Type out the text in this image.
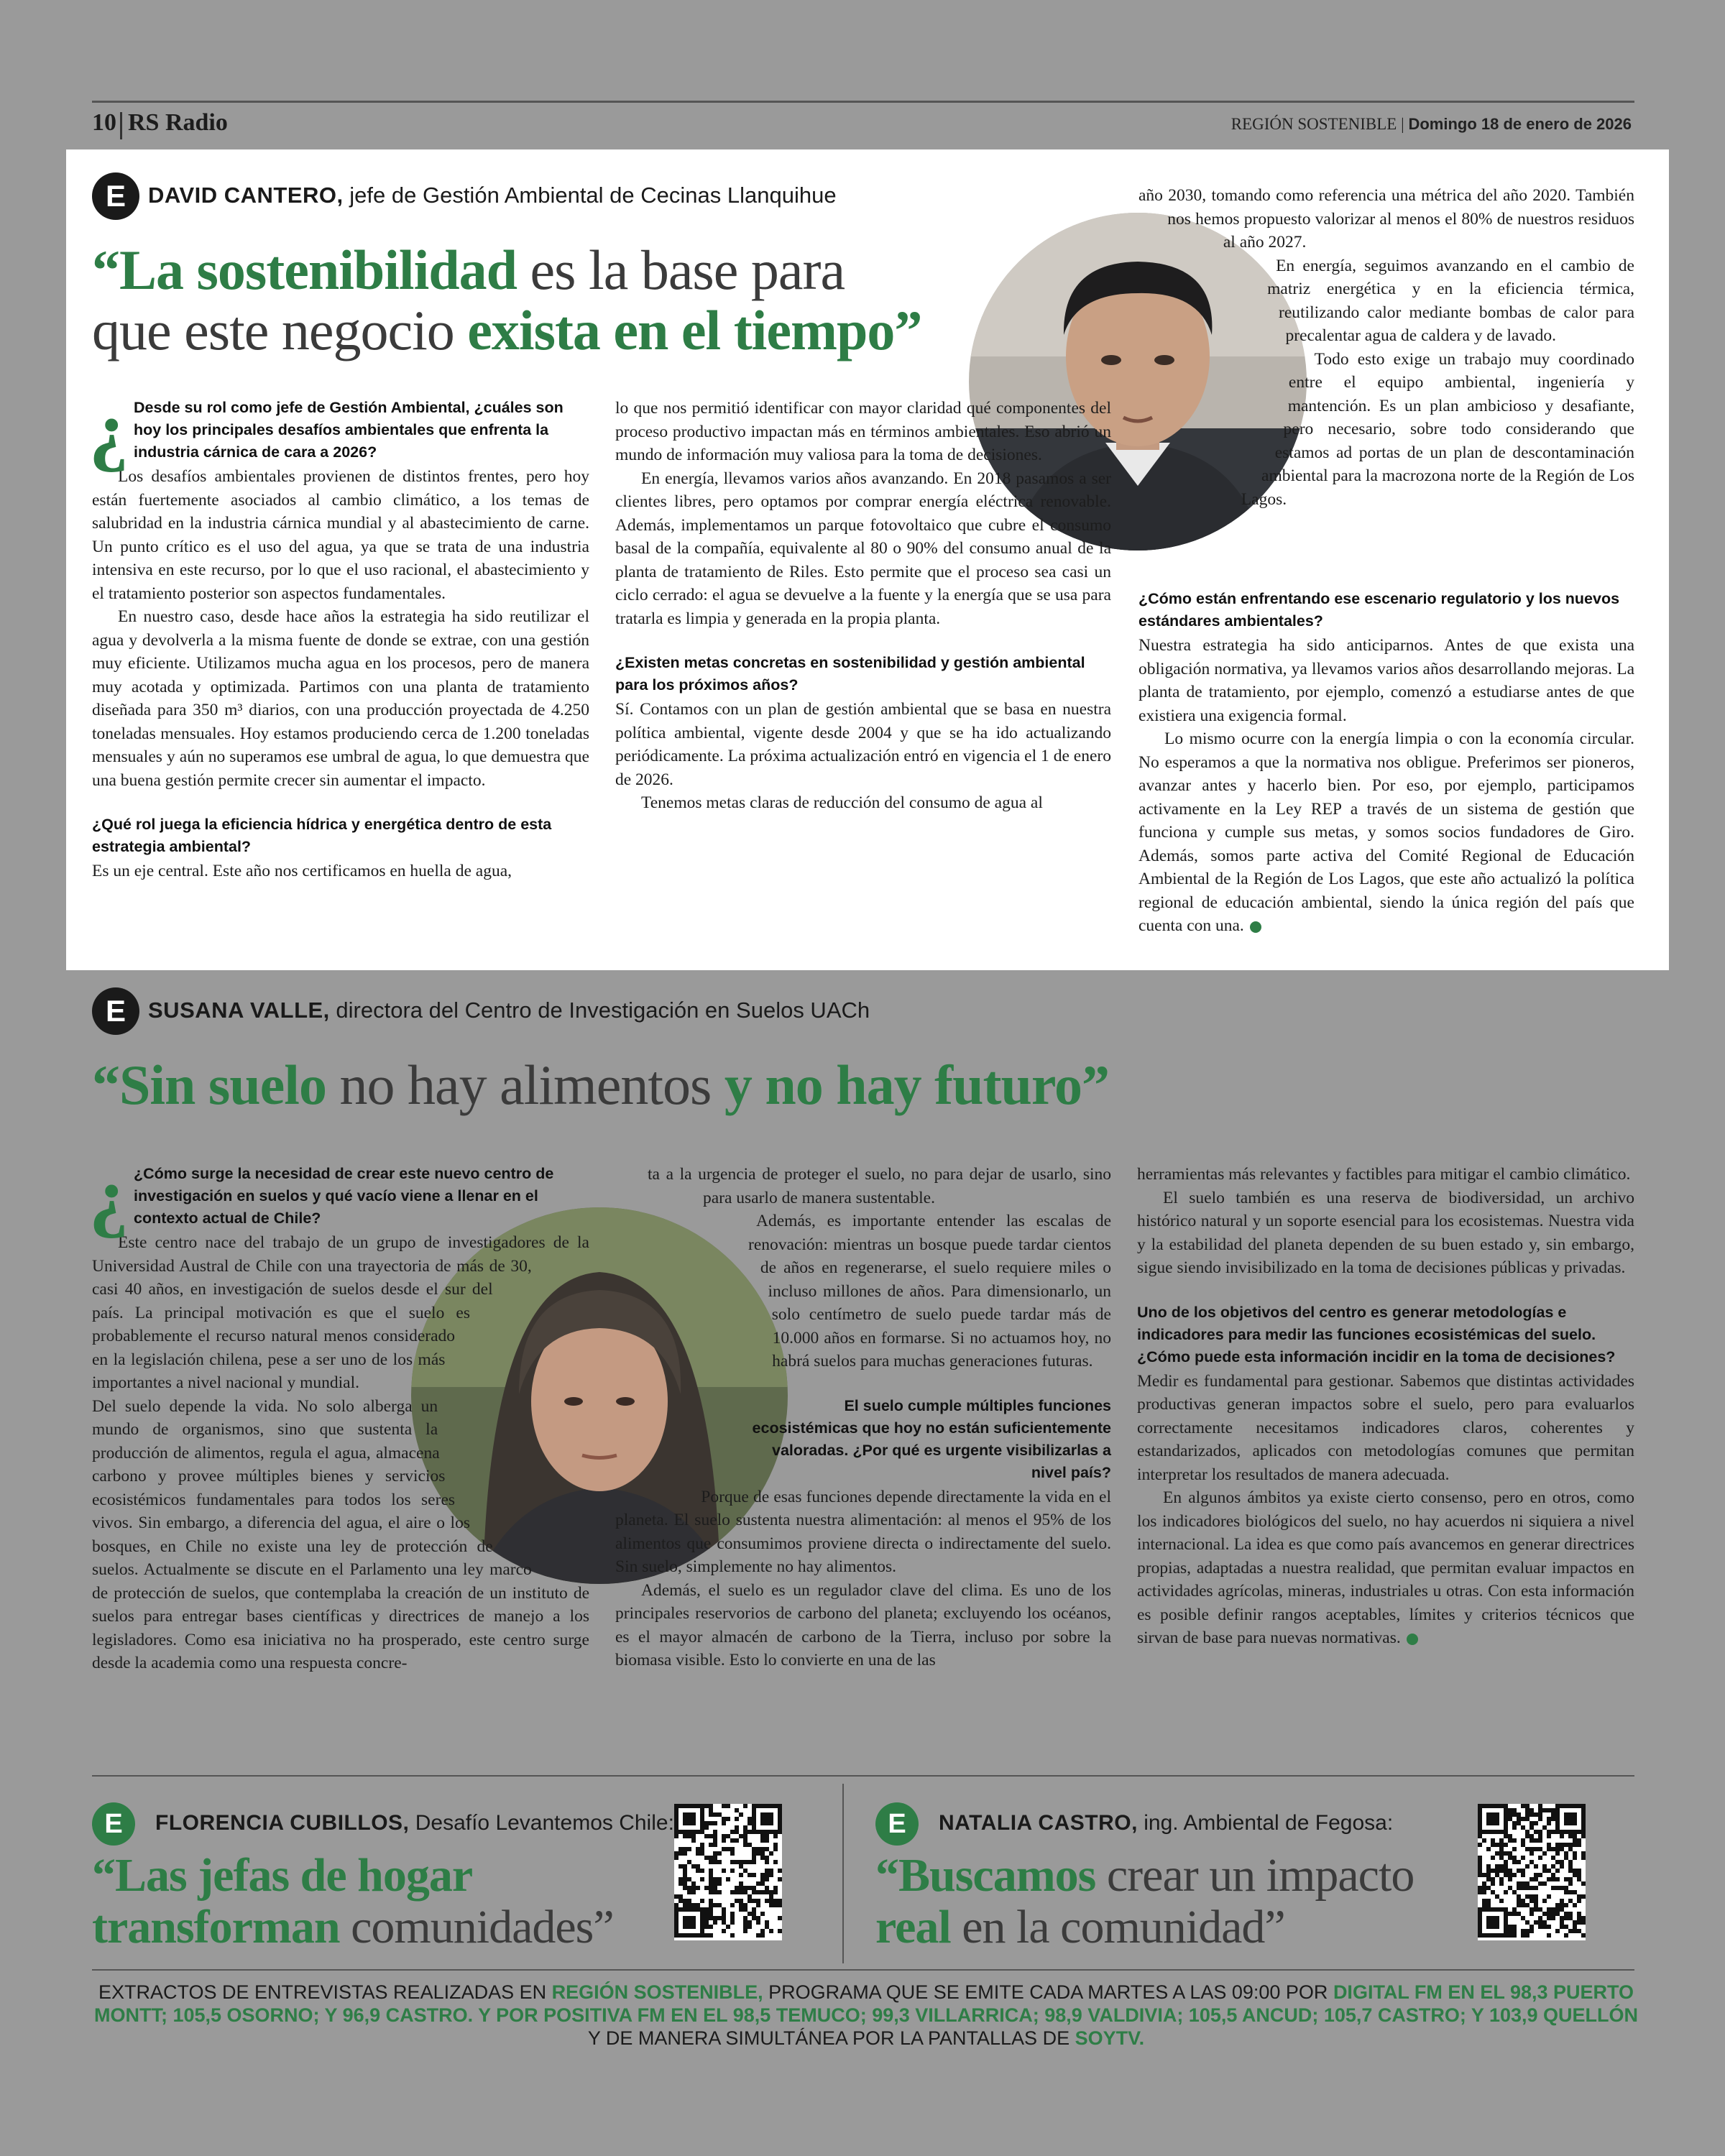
10 RS Radio	REGIÓN SOSTENIBLE | Domingo 18 de enero de 2026
E	DAVID CANTERO, jefe de Gestión Ambiental de Cecinas Llanquihue
“La sostenibilidad es la base para
que este negocio exista en el tiempo”
¿ Desde su rol como jefe de Gestión Ambiental, ¿cuáles son hoy los principales desafíos ambientales que enfrenta la industria cárnica de cara a 2026?

Los desafíos ambientales provienen de distintos frentes, pero hoy están fuertemente asociados al cambio climático, a los temas de salubridad en la industria cárnica mundial y al abastecimiento de carne. Un punto crítico es el uso del agua, ya que se trata de una industria intensiva en este recurso, por lo que el uso racional, el abastecimiento y el tratamiento posterior son aspectos fundamentales.

En nuestro caso, desde hace años la estrategia ha sido reutilizar el agua y devolverla a la misma fuente de donde se extrae, con una gestión muy eficiente. Utilizamos mucha agua en los procesos, pero de manera muy acotada y optimizada. Partimos con una planta de tratamiento diseñada para 350 m³ diarios, con una producción proyectada de 4.250 toneladas mensuales. Hoy estamos produciendo cerca de 1.200 toneladas mensuales y aún no superamos ese umbral de agua, lo que demuestra que una buena gestión permite crecer sin aumentar el impacto.

¿Qué rol juega la eficiencia hídrica y energética dentro de esta estrategia ambiental?

Es un eje central. Este año nos certificamos en huella de agua,

lo que nos permitió identificar con mayor claridad qué componentes del proceso productivo impactan más en términos ambientales. Eso abrió un mundo de información muy valiosa para la toma de decisiones.

En energía, llevamos varios años avanzando. En 2018 pasamos a ser clientes libres, pero optamos por comprar energía eléctrica renovable. Además, implementamos un parque fotovoltaico que cubre el consumo basal de la compañía, equivalente al 80 o 90% del consumo anual de la planta de tratamiento de Riles. Esto permite que el proceso sea casi un ciclo cerrado: el agua se devuelve a la fuente y la energía que se usa para tratarla es limpia y generada en la propia planta.

¿Existen metas concretas en sostenibilidad y gestión ambiental para los próximos años?

Sí. Contamos con un plan de gestión ambiental que se basa en nuestra política ambiental, vigente desde 2004 y que se ha ido actualizando periódicamente. La próxima actualización entró en vigencia el 1 de enero de 2026.

Tenemos metas claras de reducción del consumo de agua al

año 2030, tomando como referencia una métrica del año 2020. También nos hemos propuesto valorizar al menos el 80% de nuestros residuos al año 2027.

En energía, seguimos avanzando en el cambio de matriz energética y en la eficiencia térmica, reutilizando calor mediante bombas de calor para precalentar agua de caldera y de lavado.

Todo esto exige un trabajo muy coordinado entre el equipo ambiental, ingeniería y mantención. Es un plan ambicioso y desafiante, pero necesario, sobre todo considerando que estamos ad portas de un plan de descontaminación ambiental para la macrozona norte de la Región de Los Lagos.

¿Cómo están enfrentando ese escenario regulatorio y los nuevos estándares ambientales?

Nuestra estrategia ha sido anticiparnos. Antes de que exista una obligación normativa, ya llevamos varios años desarrollando mejoras. La planta de tratamiento, por ejemplo, comenzó a estudiarse antes de que existiera una exigencia formal.

Lo mismo ocurre con la energía limpia o con la economía circular. No esperamos a que la normativa nos obligue. Preferimos ser pioneros, avanzar antes y hacerlo bien. Por eso, por ejemplo, participamos activamente en la Ley REP a través de un sistema de gestión que funciona y cumple sus metas, y somos socios fundadores de Giro. Además, somos parte activa del Comité Regional de Educación Ambiental de la Región de Los Lagos, que este año actualizó la política regional de educación ambiental, siendo la única región del país que cuenta con una.

E	SUSANA VALLE, directora del Centro de Investigación en Suelos UACh
“Sin suelo no hay alimentos y no hay futuro”
¿ ¿Cómo surge la necesidad de crear este nuevo centro de investigación en suelos y qué vacío viene a llenar en el contexto actual de Chile?

Este centro nace del trabajo de un grupo de investigadores de la Universidad Austral de Chile con una trayectoria de más de 30, casi 40 años, en investigación de suelos desde el sur del país. La principal motivación es que el suelo es probablemente el recurso natural menos considerado en la legislación chilena, pese a ser uno de los más importantes a nivel nacional y mundial.

Del suelo depende la vida. No solo alberga un mundo de organismos, sino que sustenta la producción de alimentos, regula el agua, almacena carbono y provee múltiples bienes y servicios ecosistémicos fundamentales para todos los seres vivos. Sin embargo, a diferencia del agua, el aire o los bosques, en Chile no existe una ley de protección de suelos. Actualmente se discute en el Parlamento una ley marco de protección de suelos, que contemplaba la creación de un instituto de suelos para entregar bases científicas y directrices de manejo a los legisladores. Como esa iniciativa no ha prosperado, este centro surge desde la academia como una respuesta concre-

ta a la urgencia de proteger el suelo, no para dejar de usarlo, sino para usarlo de manera sustentable.

Además, es importante entender las escalas de renovación: mientras un bosque puede tardar cientos de años en regenerarse, el suelo requiere miles o incluso millones de años. Para dimensionarlo, un solo centímetro de suelo puede tardar más de 10.000 años en formarse. Si no actuamos hoy, no habrá suelos para muchas generaciones futuras.

El suelo cumple múltiples funciones ecosistémicas que hoy no están suficientemente valoradas. ¿Por qué es urgente visibilizarlas a nivel país?

Porque de esas funciones depende directamente la vida en el planeta. El suelo sustenta nuestra alimentación: al menos el 95% de los alimentos que consumimos proviene directa o indirectamente del suelo. Sin suelo, simplemente no hay alimentos.

Además, el suelo es un regulador clave del clima. Es uno de los principales reservorios de carbono del planeta; excluyendo los océanos, es el mayor almacén de carbono de la Tierra, incluso por sobre la biomasa visible. Esto lo convierte en una de las

herramientas más relevantes y factibles para mitigar el cambio climático.

El suelo también es una reserva de biodiversidad, un archivo histórico natural y un soporte esencial para los ecosistemas. Nuestra vida y la estabilidad del planeta dependen de su buen estado y, sin embargo, sigue siendo invisibilizado en la toma de decisiones públicas y privadas.

Uno de los objetivos del centro es generar metodologías e indicadores para medir las funciones ecosistémicas del suelo. ¿Cómo puede esta información incidir en la toma de decisiones?

Medir es fundamental para gestionar. Sabemos que distintas actividades productivas generan impactos sobre el suelo, pero para evaluarlos correctamente necesitamos indicadores claros, coherentes y estandarizados, aplicados con metodologías comunes que permitan interpretar los resultados de manera adecuada.

En algunos ámbitos ya existe cierto consenso, pero en otros, como los indicadores biológicos del suelo, no hay acuerdos ni siquiera a nivel internacional. La idea es que como país avancemos en generar directrices propias, adaptadas a nuestra realidad, que permitan evaluar impactos en actividades agrícolas, mineras, industriales u otras. Con esta información es posible definir rangos aceptables, límites y criterios técnicos que sirvan de base para nuevas normativas.

E	FLORENCIA CUBILLOS, Desafío Levantemos Chile:
“Las jefas de hogar
transforman comunidades”
E	NATALIA CASTRO, ing. Ambiental de Fegosa:
“Buscamos crear un impacto
real en la comunidad”
EXTRACTOS DE ENTREVISTAS REALIZADAS EN REGIÓN SOSTENIBLE, PROGRAMA QUE SE EMITE CADA MARTES A LAS 09:00 POR DIGITAL FM EN EL 98,3 PUERTO MONTT; 105,5 OSORNO; Y 96,9 CASTRO. Y POR POSITIVA FM EN EL 98,5 TEMUCO; 99,3 VILLARRICA; 98,9 VALDIVIA; 105,5 ANCUD; 105,7 CASTRO; Y 103,9 QUELLÓN Y DE MANERA SIMULTÁNEA POR LA PANTALLAS DE SOYTV.
